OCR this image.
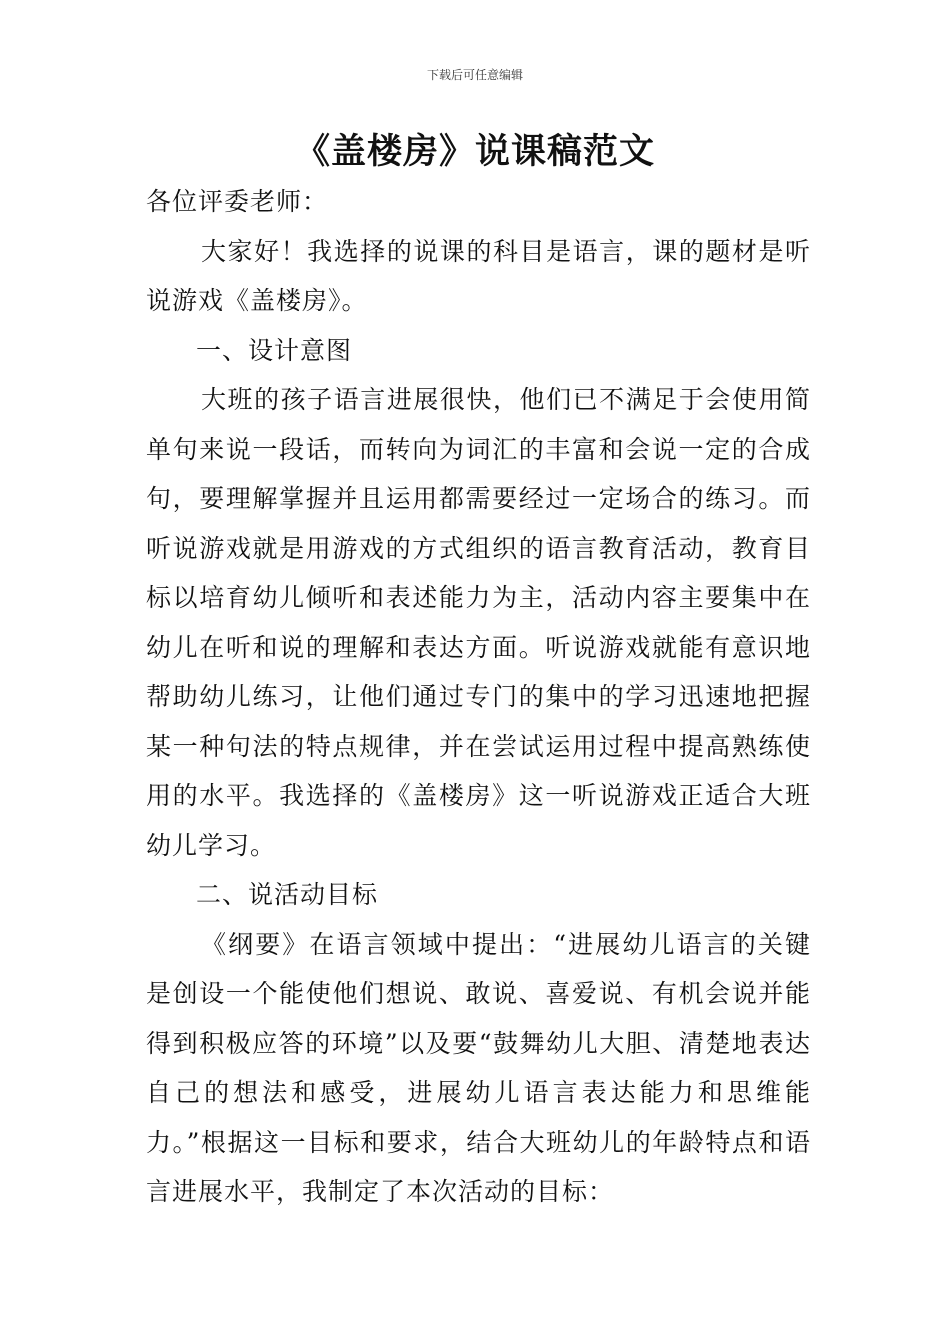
下载后可任意编辑
《盖楼房》说课稿范文

各位评委老师：

大家好！我选择的说课的科目是语言，课的题材是听说游戏《盖楼房》。

一、设计意图

大班的孩子语言进展很快，他们已不满足于会使用简单句来说一段话，而转向为词汇的丰富和会说一定的合成句，要理解掌握并且运用都需要经过一定场合的练习。而听说游戏就是用游戏的方式组织的语言教育活动，教育目标以培育幼儿倾听和表述能力为主，活动内容主要集中在幼儿在听和说的理解和表达方面。听说游戏就能有意识地帮助幼儿练习，让他们通过专门的集中的学习迅速地把握某一种句法的特点规律，并在尝试运用过程中提高熟练使用的水平。我选择的《盖楼房》这一听说游戏正适合大班幼儿学习。

二、说活动目标

《纲要》在语言领域中提出：“进展幼儿语言的关键是创设一个能使他们想说、敢说、喜爱说、有机会说并能得到积极应答的环境”以及要“鼓舞幼儿大胆、清楚地表达自己的想法和感受，进展幼儿语言表达能力和思维能力。”根据这一目标和要求，结合大班幼儿的年龄特点和语言进展水平，我制定了本次活动的目标：
